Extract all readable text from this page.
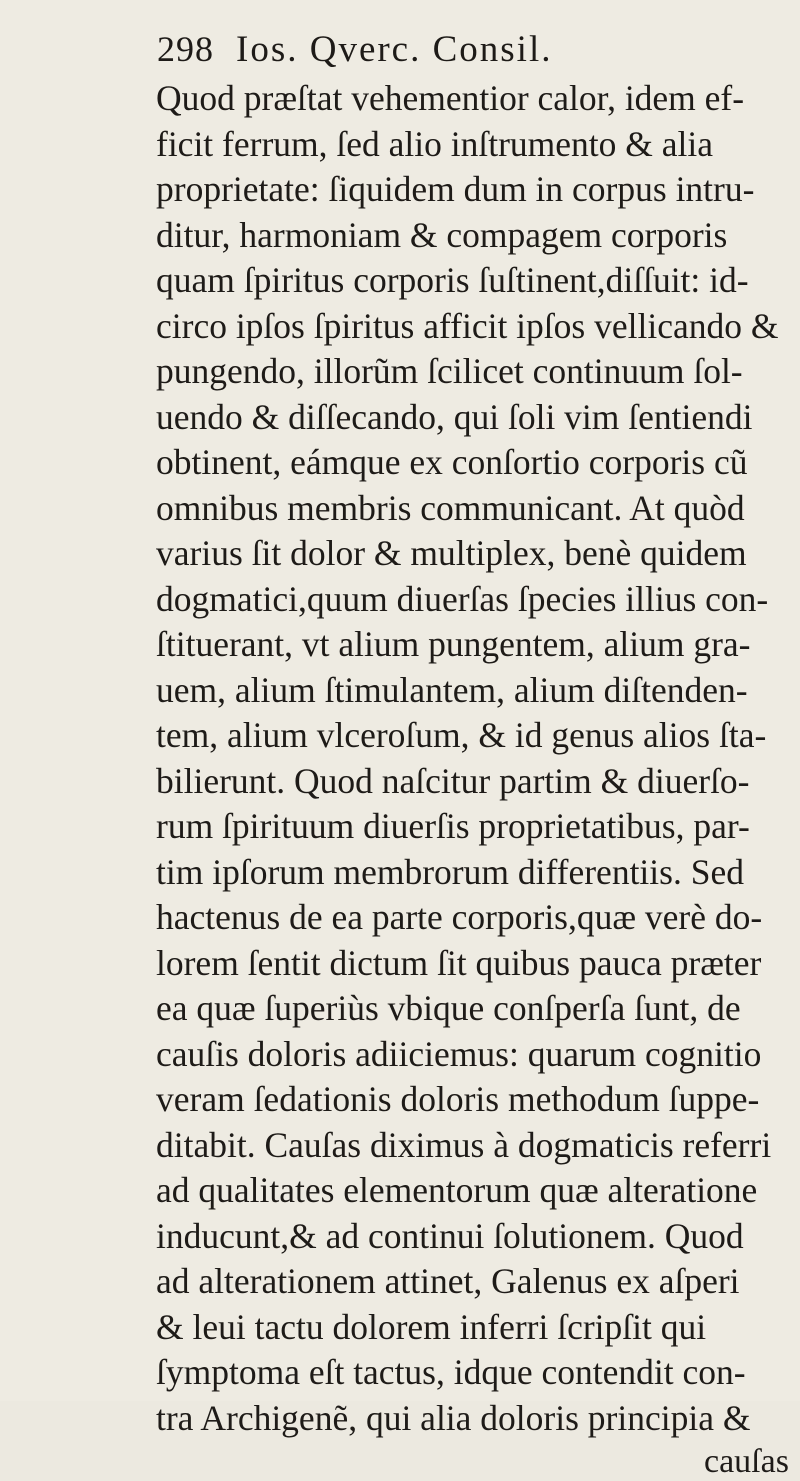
298 Ios. Qverc. Consil.
Quod præſtat vehementior calor, idem ef-
ficit ferrum, ſed alio inſtrumento & alia
proprietate: ſiquidem dum in corpus intru-
ditur, harmoniam & compagem corporis
quam ſpiritus corporis ſuſtinent,diſſuit: id-
circo ipſos ſpiritus afficit ipſos vellicando &
pungendo, illorũm ſcilicet continuum ſol-
uendo & diſſecando, qui ſoli vim ſentiendi
obtinent, eámque ex conſortio corporis cũ
omnibus membris communicant. At quòd
varius ſit dolor & multiplex, benè quidem
dogmatici,quum diuerſas ſpecies illius con-
ſtituerant, vt alium pungentem, alium gra-
uem, alium ſtimulantem, alium diſtenden-
tem, alium vlceroſum, & id genus alios ſta-
bilierunt. Quod naſcitur partim & diuerſo-
rum ſpirituum diuerſis proprietatibus, par-
tim ipſorum membrorum differentiis. Sed
hactenus de ea parte corporis,quæ verè do-
lorem ſentit dictum ſit quibus pauca præter
ea quæ ſuperiùs vbique conſperſa ſunt, de
cauſis doloris adiiciemus: quarum cognitio
veram ſedationis doloris methodum ſuppe-
ditabit. Cauſas diximus à dogmaticis referri
ad qualitates elementorum quæ alteratione
inducunt,& ad continui ſolutionem. Quod
ad alterationem attinet, Galenus ex aſperi
& leui tactu dolorem inferri ſcripſit qui
ſymptoma eſt tactus, idque contendit con-
tra Archigenẽ, qui alia doloris principia &
cauſas
